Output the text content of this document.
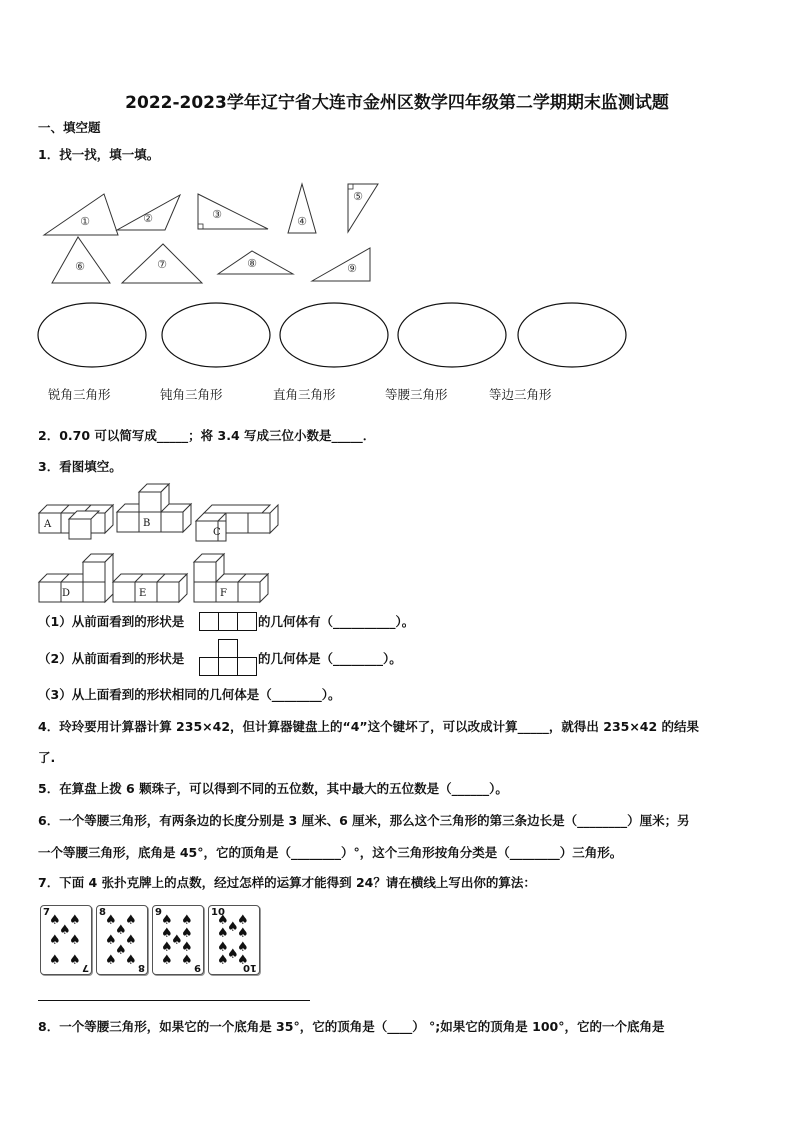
2022-2023学年辽宁省大连市金州区数学四年级第二学期期末监测试题
一、填空题
1．找一找，填一填。
①	②	③
④
⑤
⑥	⑦	⑧	⑨
锐角三角形	钝角三角形	直角三角形	等腰三角形	等边三角形
2．0.70 可以简写成_____；将 3.4 写成三位小数是_____．
3．看图填空。
A	B
C
D	E	F
（1）从前面看到的形状是	的几何体有（__________）。
（2）从前面看到的形状是	的几何体是（________）。
（3）从上面看到的形状相同的几何体是（________）。
4．玲玲要用计算器计算 235×42，但计算器键盘上的“4”这个键坏了，可以改成计算_____，就得出 235×42 的结果
了.
5．在算盘上拨 6 颗珠子，可以得到不同的五位数，其中最大的五位数是（______）。
6．一个等腰三角形，有两条边的长度分别是 3 厘米、6 厘米，那么这个三角形的第三条边长是（________）厘米；另
一个等腰三角形，底角是 45°，它的顶角是（________）°，这个三角形按角分类是（________）三角形。
7．下面 4 张扑克牌上的点数，经过怎样的运算才能得到 24？请在横线上写出你的算法：
7
7
♠ ♠
♠
♠ ♠
♠ ♠
8
8
♠ ♠
♠
♠ ♠
♠
♠ ♠
9
9
♠ ♠
♠ ♠
♠
♠ ♠
♠ ♠
10
10
♠ ♠
♠
♠ ♠
♠ ♠
♠
♠ ♠
8．一个等腰三角形，如果它的一个底角是 35°，它的顶角是（____） °;如果它的顶角是 100°，它的一个底角是
